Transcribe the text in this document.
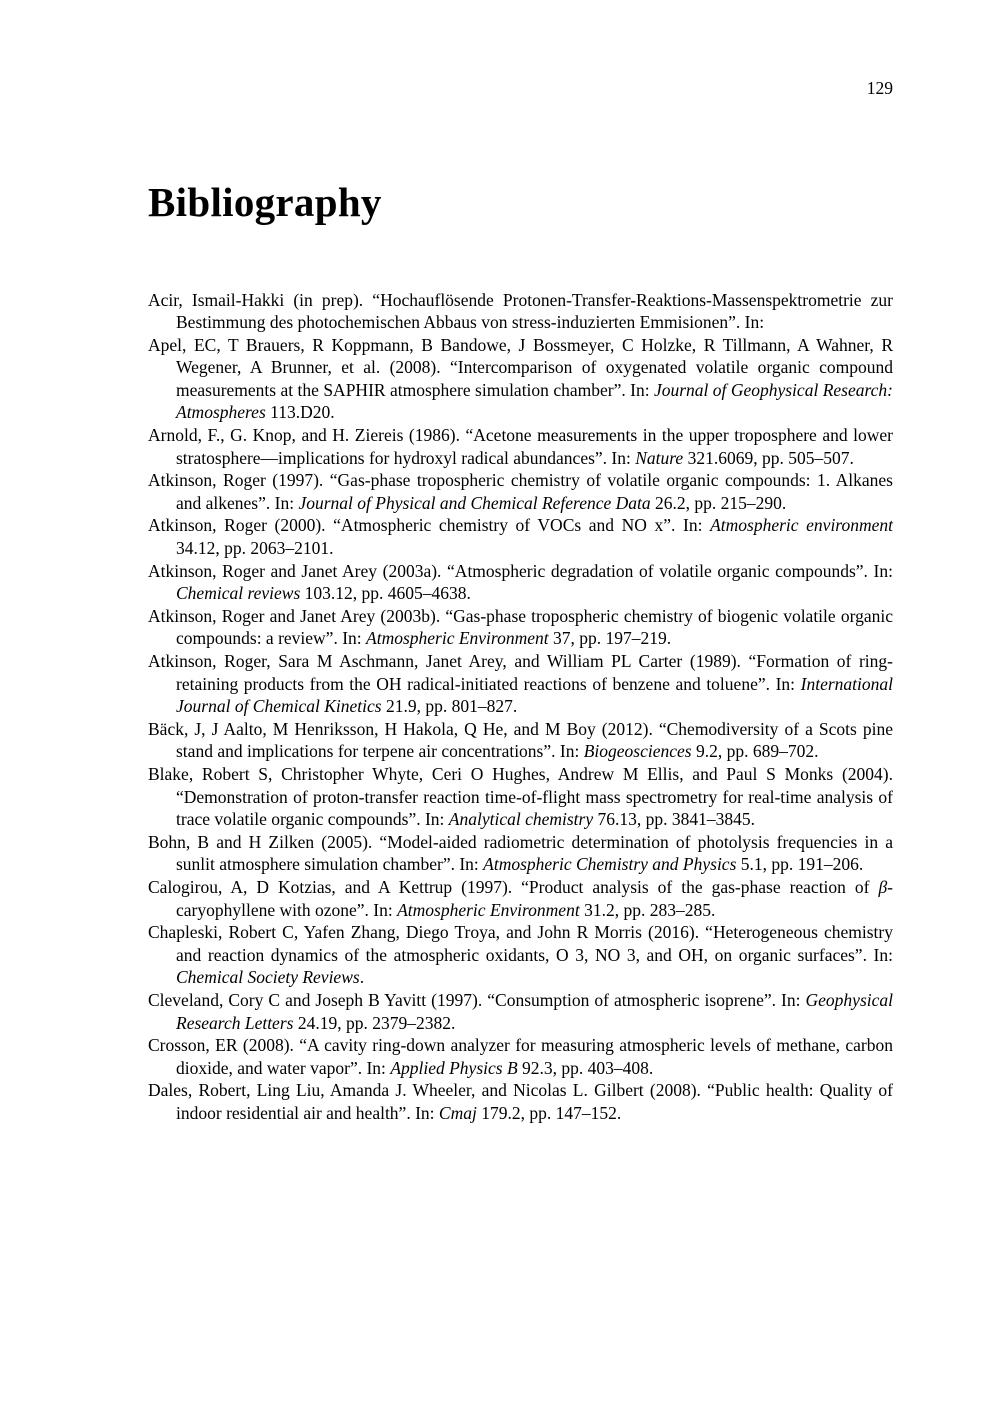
129
Bibliography

Acir, Ismail-Hakki (in prep). “Hochauflösende Protonen-Transfer-Reaktions-Massenspektrometrie zur Bestimmung des photochemischen Abbaus von stress-induzierten Emmisionen”. In:

Apel, EC, T Brauers, R Koppmann, B Bandowe, J Bossmeyer, C Holzke, R Tillmann, A Wahner, R Wegener, A Brunner, et al. (2008). “Intercomparison of oxygenated volatile organic compound measurements at the SAPHIR atmosphere simulation chamber”. In: Journal of Geophysical Research: Atmospheres 113.D20.

Arnold, F., G. Knop, and H. Ziereis (1986). “Acetone measurements in the upper troposphere and lower stratosphere—implications for hydroxyl radical abundances”. In: Nature 321.6069, pp. 505–507.

Atkinson, Roger (1997). “Gas-phase tropospheric chemistry of volatile organic compounds: 1. Alkanes and alkenes”. In: Journal of Physical and Chemical Reference Data 26.2, pp. 215–290.

Atkinson, Roger (2000). “Atmospheric chemistry of VOCs and NO x”. In: Atmospheric environment 34.12, pp. 2063–2101.

Atkinson, Roger and Janet Arey (2003a). “Atmospheric degradation of volatile organic compounds”. In: Chemical reviews 103.12, pp. 4605–4638.

Atkinson, Roger and Janet Arey (2003b). “Gas-phase tropospheric chemistry of biogenic volatile organic compounds: a review”. In: Atmospheric Environment 37, pp. 197–219.

Atkinson, Roger, Sara M Aschmann, Janet Arey, and William PL Carter (1989). “Formation of ring-retaining products from the OH radical-initiated reactions of benzene and toluene”. In: International Journal of Chemical Kinetics 21.9, pp. 801–827.

Bäck, J, J Aalto, M Henriksson, H Hakola, Q He, and M Boy (2012). “Chemodiversity of a Scots pine stand and implications for terpene air concentrations”. In: Biogeosciences 9.2, pp. 689–702.

Blake, Robert S, Christopher Whyte, Ceri O Hughes, Andrew M Ellis, and Paul S Monks (2004). “Demonstration of proton-transfer reaction time-of-flight mass spectrometry for real-time analysis of trace volatile organic compounds”. In: Analytical chemistry 76.13, pp. 3841–3845.

Bohn, B and H Zilken (2005). “Model-aided radiometric determination of photolysis frequencies in a sunlit atmosphere simulation chamber”. In: Atmospheric Chemistry and Physics 5.1, pp. 191–206.

Calogirou, A, D Kotzias, and A Kettrup (1997). “Product analysis of the gas-phase reaction of β-caryophyllene with ozone”. In: Atmospheric Environment 31.2, pp. 283–285.

Chapleski, Robert C, Yafen Zhang, Diego Troya, and John R Morris (2016). “Heterogeneous chemistry and reaction dynamics of the atmospheric oxidants, O 3, NO 3, and OH, on organic surfaces”. In: Chemical Society Reviews.

Cleveland, Cory C and Joseph B Yavitt (1997). “Consumption of atmospheric isoprene”. In: Geophysical Research Letters 24.19, pp. 2379–2382.

Crosson, ER (2008). “A cavity ring-down analyzer for measuring atmospheric levels of methane, carbon dioxide, and water vapor”. In: Applied Physics B 92.3, pp. 403–408.

Dales, Robert, Ling Liu, Amanda J. Wheeler, and Nicolas L. Gilbert (2008). “Public health: Quality of indoor residential air and health”. In: Cmaj 179.2, pp. 147–152.
